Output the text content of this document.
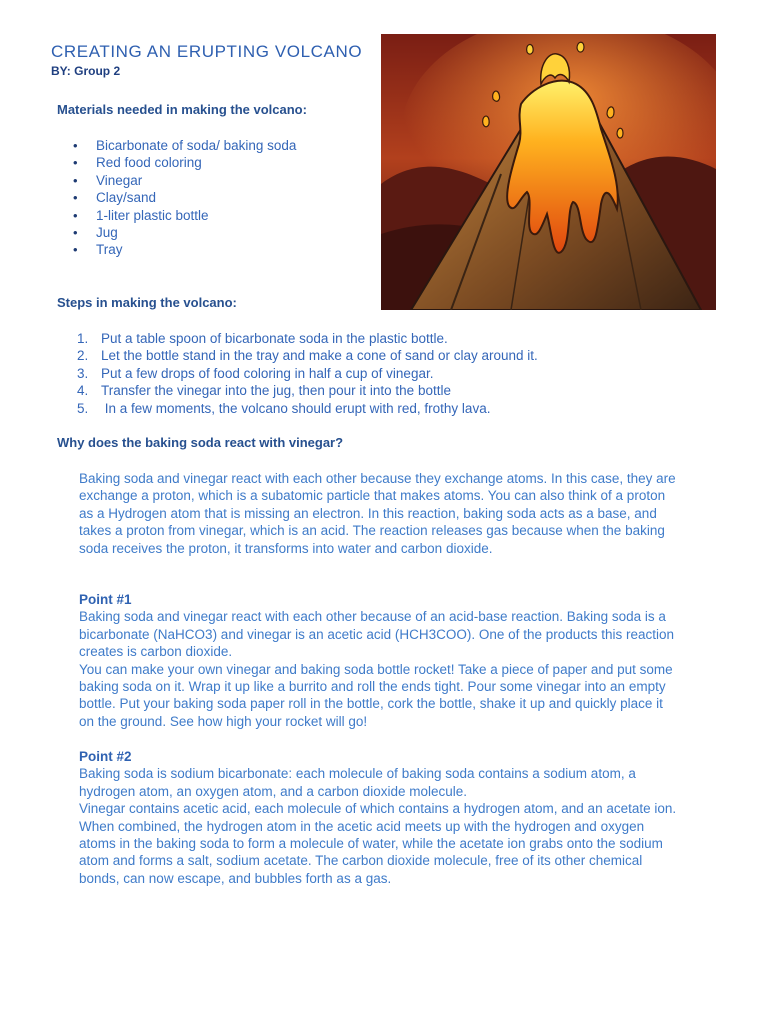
CREATING AN ERUPTING VOLCANO

BY: Group 2

Materials needed in making the volcano:

• Bicarbonate of soda/ baking soda
• Red food coloring
• Vinegar
• Clay/sand
• 1-liter plastic bottle
• Jug
• Tray

Steps in making the volcano:

1. Put a table spoon of bicarbonate soda in the plastic bottle.
2. Let the bottle stand in the tray and make a cone of sand or clay around it.
3. Put a few drops of food coloring in half a cup of vinegar.
4. Transfer the vinegar into the jug, then pour it into the bottle
5. In a few moments, the volcano should erupt with red, frothy lava.

Why does the baking soda react with vinegar?

Baking soda and vinegar react with each other because they exchange atoms. In this case, they are exchange a proton, which is a subatomic particle that makes atoms. You can also think of a proton as a Hydrogen atom that is missing an electron. In this reaction, baking soda acts as a base, and takes a proton from vinegar, which is an acid. The reaction releases gas because when the baking soda receives the proton, it transforms into water and carbon dioxide.

Point #1

Baking soda and vinegar react with each other because of an acid-base reaction. Baking soda is a bicarbonate (NaHCO3) and vinegar is an acetic acid (HCH3COO). One of the products this reaction creates is carbon dioxide.

You can make your own vinegar and baking soda bottle rocket! Take a piece of paper and put some baking soda on it. Wrap it up like a burrito and roll the ends tight. Pour some vinegar into an empty bottle. Put your baking soda paper roll in the bottle, cork the bottle, shake it up and quickly place it on the ground. See how high your rocket will go!

Point #2

Baking soda is sodium bicarbonate: each molecule of baking soda contains a sodium atom, a hydrogen atom, an oxygen atom, and a carbon dioxide molecule.

Vinegar contains acetic acid, each molecule of which contains a hydrogen atom, and an acetate ion.

When combined, the hydrogen atom in the acetic acid meets up with the hydrogen and oxygen atoms in the baking soda to form a molecule of water, while the acetate ion grabs onto the sodium atom and forms a salt, sodium acetate. The carbon dioxide molecule, free of its other chemical bonds, can now escape, and bubbles forth as a gas.
